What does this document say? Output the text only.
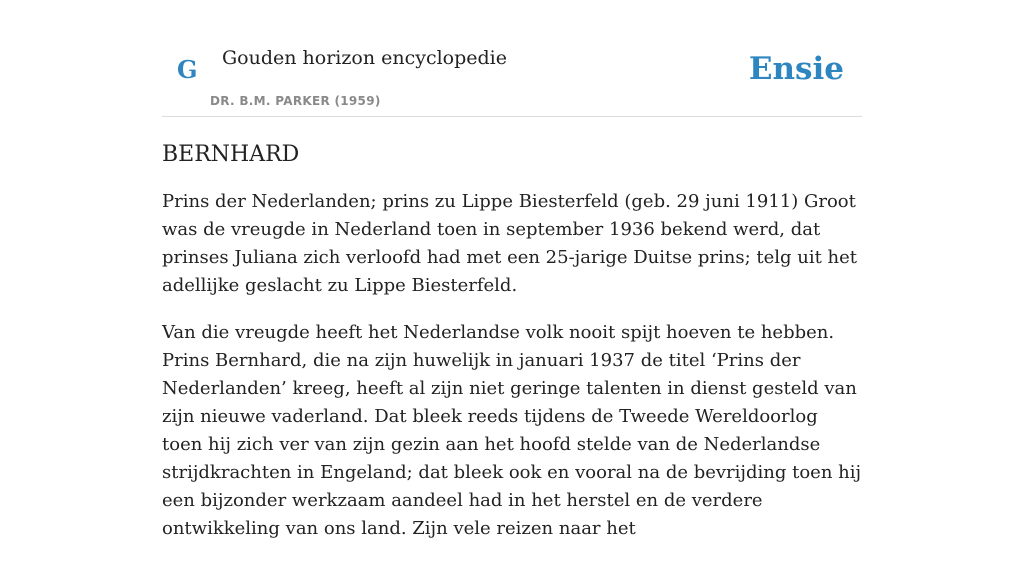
G Gouden horizon encyclopedie
DR. B.M. PARKER (1959)
Ensie
BERNHARD

Prins der Nederlanden; prins zu Lippe Biesterfeld (geb. 29 juni 1911) Groot was de vreugde in Nederland toen in september 1936 bekend werd, dat prinses Juliana zich verloofd had met een 25-jarige Duitse prins; telg uit het adellijke geslacht zu Lippe Biesterfeld.

Van die vreugde heeft het Nederlandse volk nooit spijt hoeven te hebben. Prins Bernhard, die na zijn huwelijk in januari 1937 de titel ‘Prins der Nederlanden’ kreeg, heeft al zijn niet geringe talenten in dienst gesteld van zijn nieuwe vaderland. Dat bleek reeds tijdens de Tweede Wereldoorlog toen hij zich ver van zijn gezin aan het hoofd stelde van de Nederlandse strijdkrachten in Engeland; dat bleek ook en vooral na de bevrijding toen hij een bijzonder werkzaam aandeel had in het herstel en de verdere ontwikkeling van ons land. Zijn vele reizen naar het
